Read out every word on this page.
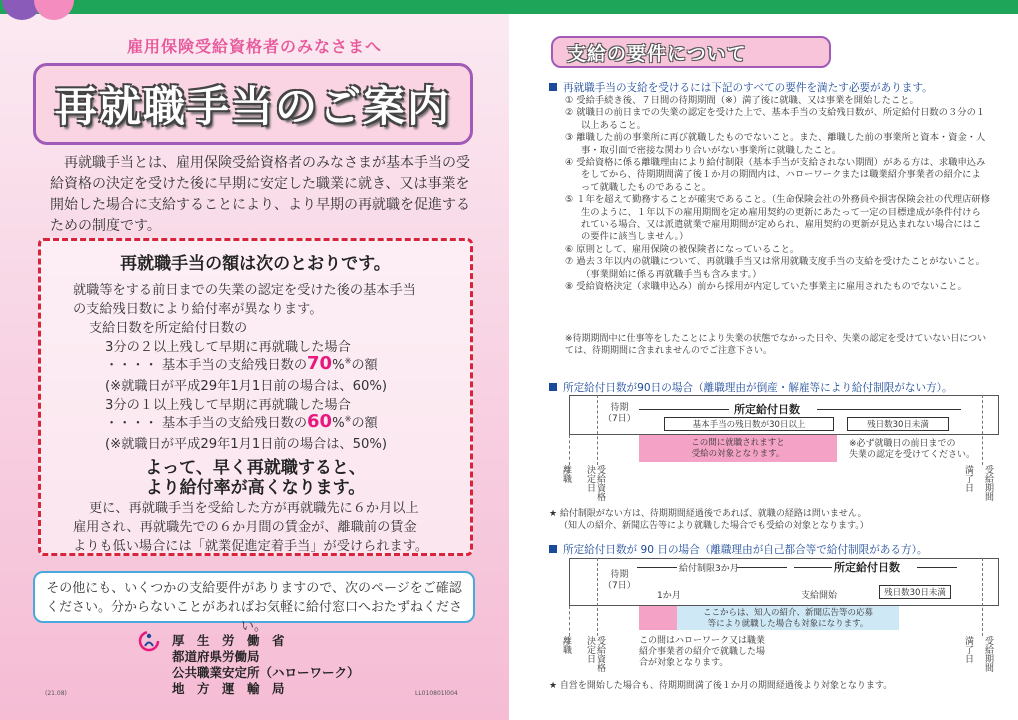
雇用保険受給資格者のみなさまへ
再就職手当のご案内
再就職手当とは、雇用保険受給資格者のみなさまが基本手当の受給資格の決定を受けた後に早期に安定した職業に就き、又は事業を開始した場合に支給することにより、より早期の再就職を促進するための制度です。
再就職手当の額は次のとおりです。
就職等をする前日までの失業の認定を受けた後の基本手当
の支給残日数により給付率が異なります。
支給日数を所定給付日数の
3分の２以上残して早期に再就職した場合
・・・・ 基本手当の支給残日数の70%※の額
(※就職日が平成29年1月1日前の場合は、60%)
3分の１以上残して早期に再就職した場合
・・・・ 基本手当の支給残日数の60%※の額
(※就職日が平成29年1月1日前の場合は、50%)
よって、早く再就職すると、
より給付率が高くなります。
更に、再就職手当を受給した方が再就職先に６か月以上
雇用され、再就職先での６か月間の賃金が、離職前の賃金
よりも低い場合には「就業促進定着手当」が受けられます。
その他にも、いくつかの支給要件がありますので、次のページをご確認ください。分からないことがあればお気軽に給付窓口へおたずねください。
厚　生　労　働　省
都道府県労働局
公共職業安定所（ハローワーク）
地　方　運　輸　局
(21.08)	LL010801l004
支給の要件について
再就職手当の支給を受けるには下記のすべての要件を満たす必要があります。
① 受給手続き後、７日間の待期期間（※）満了後に就職、又は事業を開始したこと。
② 就職日の前日までの失業の認定を受けた上で、基本手当の支給残日数が、所定給付日数の３分の１以上あること。
③ 離職した前の事業所に再び就職したものでないこと。また、離職した前の事業所と資本・資金・人事・取引面で密接な関わり合いがない事業所に就職したこと。
④ 受給資格に係る離職理由により給付制限（基本手当が支給されない期間）がある方は、求職申込みをしてから、待期期間満了後１か月の期間内は、ハローワークまたは職業紹介事業者の紹介によって就職したものであること。
⑤ １年を超えて勤務することが確実であること。（生命保険会社の外務員や損害保険会社の代理店研修生のように、１年以下の雇用期間を定め雇用契約の更新にあたって一定の目標達成が条件付けられている場合、又は派遣就業で雇用期間が定められ、雇用契約の更新が見込まれない場合にはこの要件に該当しません。）
⑥ 原則として、雇用保険の被保険者になっていること。
⑦ 過去３年以内の就職について、再就職手当又は常用就職支度手当の支給を受けたことがないこと。（事業開始に係る再就職手当も含みます。）
⑧ 受給資格決定（求職申込み）前から採用が内定していた事業主に雇用されたものでないこと。
※待期期間中に仕事等をしたことにより失業の状態でなかった日や、失業の認定を受けていない日については、待期期間に含まれませんのでご注意下さい。
所定給付日数が90日の場合（離職理由が倒産・解雇等により給付制限がない方）。
待期
（7日）
所定給付日数
基本手当の残日数が30日以上	残日数30日未満
この間に就職されますと
受給の対象となります。
※必ず就職日の前日までの
失業の認定を受けてください。
離職	受給資格決定日	満了日 受給期間
★ 給付制限がない方は、待期期間経過後であれば、就職の経路は問いません。
（知人の紹介、新聞広告等により就職した場合でも受給の対象となります。）
所定給付日数が 90 日の場合（離職理由が自己都合等で給付制限がある方）。
待期
（7日）
給付制限3か月	所定給付日数
1か月	支給開始	残日数30日未満
ここからは、知人の紹介、新聞広告等の応募
等により就職した場合も対象になります。
この間はハローワーク又は職業
紹介事業者の紹介で就職した場
合が対象となります。
離職	受給資格決定日	満了日 受給期間
★ 自営を開始した場合も、待期期間満了後１か月の期間経過後より対象となります。
